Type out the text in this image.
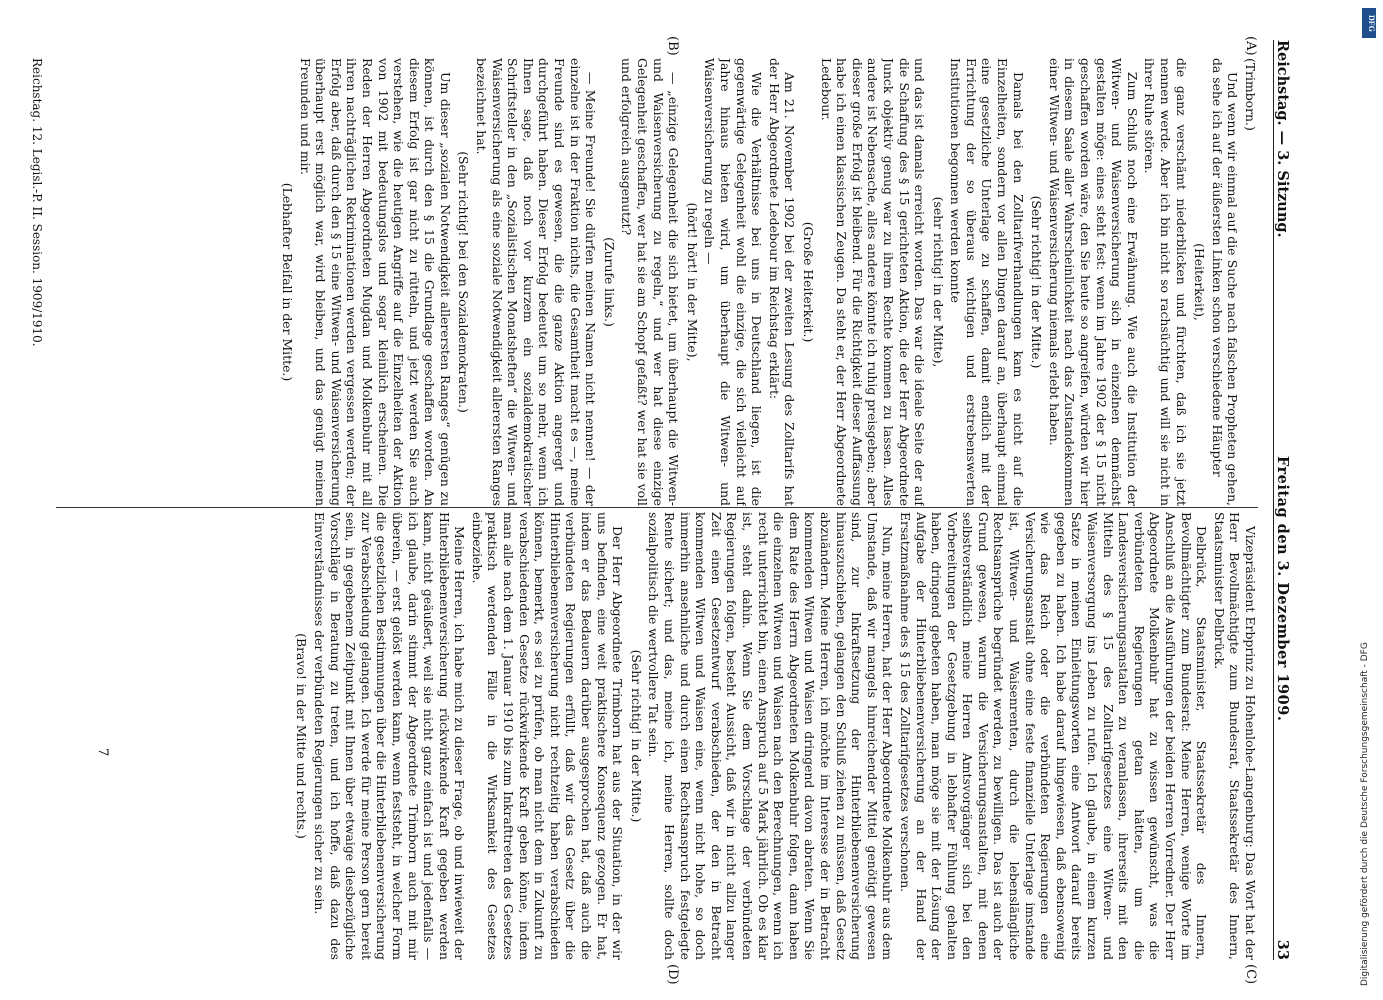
Reichstag. — 3. Sitzung.
Freitag den 3. Dezember 1909.
33
(A)
(B)
(C)
(D)

(Trimborn.)

Und wenn wir einmal auf die Suche nach falschen Propheten gehen, da sehe ich auf der äußersten Linken schon verschiedene Häupter

(Heiterkeit),

die ganz verschämt niederblicken und fürchten, daß ich sie jetzt nennen werde. Aber ich bin nicht so rachsüchtig und will sie nicht in ihrer Ruhe stören.

Zum Schluß noch eine Erwähnung. Wie auch die Institution der Witwen- und Waisenversicherung sich in einzelnen demnächst gestalten möge: eines steht fest: wenn im Jahre 1902 der § 15 nicht geschaffen worden wäre, den Sie heute so angreifen, würden wir hier in diesem Saale aller Wahrscheinlichkeit nach das Zustandekommen einer Witwen- und Waisenversicherung niemals erlebt haben.

(Sehr richtig! in der Mitte.)

Damals bei den Zolltarifverhandlungen kam es nicht auf die Einzelheiten, sondern vor allen Dingen darauf an, überhaupt einmal eine gesetzliche Unterlage zu schaffen, damit endlich mit der Errichtung der so überaus wichtigen und erstrebenswerten Institutionen begonnen werden konnte

(sehr richtig! in der Mitte),

und das ist damals erreicht worden. Das war die ideale Seite der auf die Schaffung des § 15 gerichteten Aktion, die der Herr Abgeordnete Junck objektiv genug war zu ihrem Rechte kommen zu lassen. Alles andere ist Nebensache, alles andere könnte ich ruhig preisgeben; aber dieser große Erfolg ist bleibend. Für die Richtigkeit dieser Auffassung habe ich einen klassischen Zeugen. Da steht er, der Herr Abgeordnete Ledebour.

(Große Heiterkeit.)

Am 21. November 1902 bei der zweiten Lesung des Zolltarifs hat der Herr Abgeordnete Ledebour im Reichstag erklärt:

Wie die Verhältnisse bei uns in Deutschland liegen, ist die gegenwärtige Gelegenheit wohl die einzige, die sich vielleicht auf Jahre hinaus bieten wird, um überhaupt die Witwen- und Waisenversicherung zu regeln —

(hört! hört! in der Mitte),

— „einzige Gelegenheit die sich bietet, um überhaupt die Witwen- und Waisenversicherung zu regeln,“ und wer hat diese einzige Gelegenheit geschaffen, wer hat sie am Schopf gefaßt? wer hat sie voll und erfolgreich ausgenutzt?

(Zurufe links.)

— Meine Freunde! Sie dürfen meinen Namen nicht nennen! — der einzelne ist in der Fraktion nichts, die Gesamtheit macht es —, meine Freunde sind es gewesen, die die ganze Aktion angeregt und durchgeführt haben. Dieser Erfolg bedeutet um so mehr, wenn ich Ihnen sage, daß noch vor kurzem ein sozialdemokratischer Schriftsteller in den „Sozialistischen Monatsheften“ die Witwen- und Waisenversicherung als eine soziale Notwendigkeit allerersten Ranges bezeichnet hat.

(Sehr richtig! bei den Sozialdemokraten.)

Um dieser „sozialen Notwendigkeit allerersten Ranges“ genügen zu können, ist durch den § 15 die Grundlage geschaffen worden. An diesem Erfolg ist gar nicht zu rütteln, und jetzt werden Sie auch verstehen, wie die heutigen Angriffe auf die Einzelheiten der Aktion von 1902 mit bedeutungslos und sogar kleinlich erscheinen. Die Reden der Herren Abgeordneten Mugdan und Molkenbuhr mit all ihren nachträglichen Rekriminationen werden vergessen werden; der Erfolg aber, daß durch den § 15 eine Witwen- und Waisenversicherung überhaupt erst möglich war, wird bleiben, und das genügt meinen Freunden und mir.

(Lebhafter Beifall in der Mitte.)

Vizepräsident Erbprinz zu Hohenlohe-Langenburg: Das Wort hat der Herr Bevollmächtigte zum Bundesrat, Staatssekretär des Innern, Staatsminister Delbrück.

Delbrück, Staatsminister, Staatssekretär des Innern, Bevollmächtigter zum Bundesrat: Meine Herren, wenige Worte im Anschluß an die Ausführungen der beiden Herren Vorredner. Der Herr Abgeordnete Molkenbuhr hat zu wissen gewünscht, was die verbündeten Regierungen getan hätten, um die Landesversicherungsanstalten zu veranlassen, ihrerseits mit den Mitteln des § 15 des Zolltarifgesetzes eine Witwen- und Waisenversorgung ins Leben zu rufen. Ich glaube, in einem kurzen Satze in meinen Einleitungsworten eine Antwort darauf bereits gegeben zu haben. Ich habe darauf hingewiesen, daß ebensowenig wie das Reich oder die verbündeten Regierungen eine Versicherungsanstalt ohne eine feste finanzielle Unterlage imstande ist, Witwen- und Waisenrenten, durch die lebenslängliche Rechtsansprüche begründet werden, zu bewilligen. Das ist auch der Grund gewesen, warum die Versicherungsanstalten, mit denen selbstverständlich meine Herren Amtsvorgänger sich bei den Vorbereitungen der Gesetzgebung in lebhafter Fühlung gehalten haben, dringend gebeten haben, man möge sie mit der Lösung der Aufgabe der Hinterbliebenenversicherung an der Hand der Ersatzmaßnahme des § 15 des Zolltarifgesetzes verschonen.

Nun, meine Herren, hat der Herr Abgeordnete Molkenbuhr aus dem Umstande, daß wir mangels hinreichender Mittel genötigt gewesen sind, zur Inkraftsetzung der Hinterbliebenenversicherung hinauszuschieben, gelangen den Schluß ziehen zu müssen, daß Gesetz abzuändern. Meine Herren, ich möchte im Interesse der in Betracht kommenden Witwen und Waisen dringend davon abraten. Wenn Sie dem Rate des Herrn Abgeordneten Molkenbuhr folgen, dann haben die einzelnen Witwen und Waisen nach den Berechnungen, wenn ich recht unterrichtet bin, einen Anspruch auf 5 Mark jährlich. Ob es klar ist, steht dahin. Wenn Sie dem Vorschlage der verbündeten Regierungen folgen, besteht Aussicht, daß wir in nicht allzu langer Zeit einen Gesetzentwurf verabschieden, der den in Betracht kommenden Witwen und Waisen eine, wenn nicht hohe, so doch immerhin ansehnliche und durch einen Rechtsanspruch festgelegte Rente sichert; und das, meine ich, meine Herren, sollte doch sozialpolitisch die wertvollere Tat sein.

(Sehr richtig! in der Mitte.)

Der Herr Abgeordnete Trimborn hat aus der Situation, in der wir uns befinden, eine weit praktischere Konsequenz gezogen. Er hat, indem er das Bedauern darüber ausgesprochen hat, daß auch die verbündeten Regierungen erfüllt, daß wir das Gesetz über die Hinterbliebenenversicherung nicht rechtzeitig haben verabschieden können, bemerkt, es sei zu prüfen, ob man nicht dem in Zukunft zu verabschiedenden Gesetze rückwirkende Kraft geben könne, indem man alle nach dem 1. Januar 1910 bis zum Inkrafttreten des Gesetzes praktisch werdenden Fälle in die Wirksamkeit des Gesetzes einbeziehe.

Meine Herren, ich habe mich zu dieser Frage, ob und inwieweit der Hinterbliebenenversicherung rückwirkende Kraft gegeben werden kann, nicht geäußert, weil sie nicht ganz einfach ist und jedenfalls — ich glaube, darin stimmt der Abgeordnete Trimborn auch mit mir überein, — erst gelöst werden kann, wenn feststeht, in welcher Form die gesetzlichen Bestimmungen über die Hinterbliebenenversicherung zur Verabschiedung gelangen. Ich werde für meine Person gern bereit sein, in gegebenem Zeitpunkt mit Ihnen über etwaige diesbezügliche Vorschläge in Beratung zu treten, und ich hoffe, daß dazu des Einverständnisses der verbündeten Regierungen sicher zu sein.

(Bravo! in der Mitte und rechts.)

Reichstag. 12. Legisl.-P. II. Session. 1909/1910.
7
DFG
Digitalisierung gefördert durch die Deutsche Forschungsgemeinschaft - DFG
